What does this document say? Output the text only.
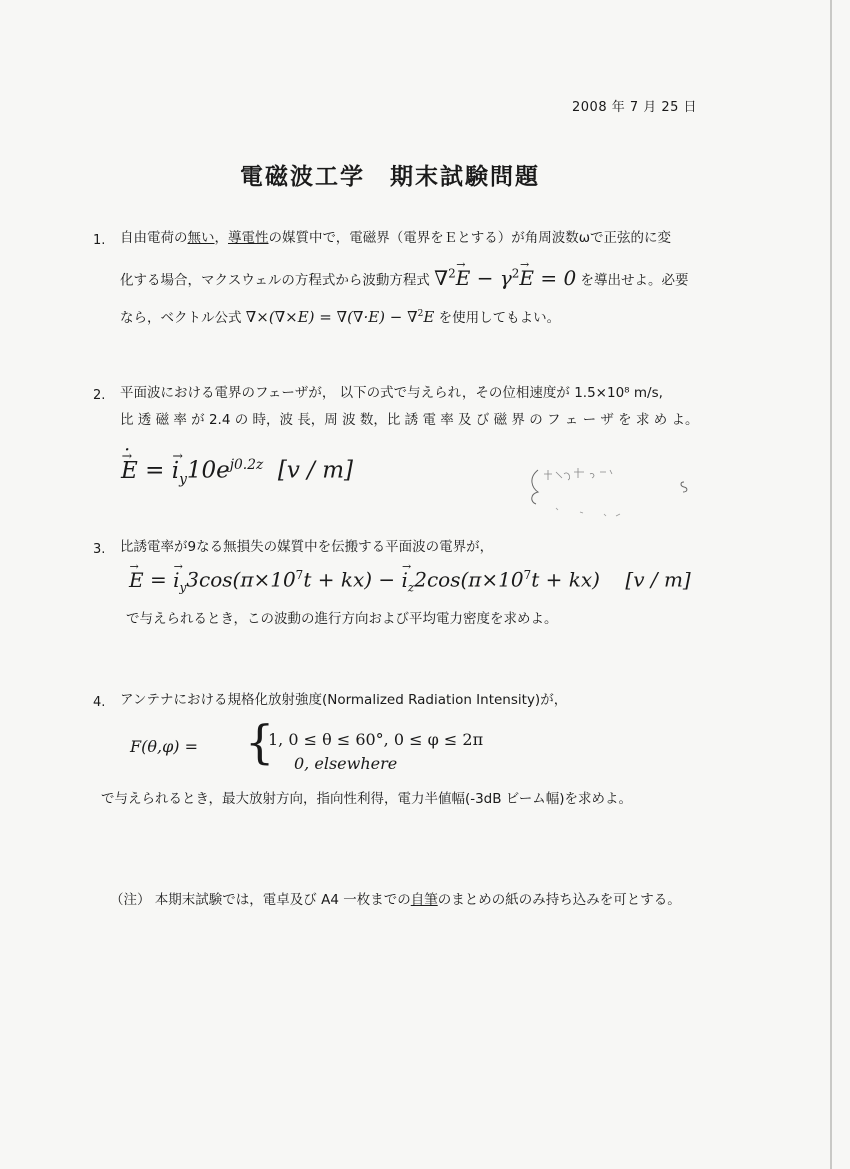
2008 年 7 月 25 日
電磁波工学　期末試験問題
1. 自由電荷の無い，導電性の媒質中で，電磁界（電界をＥとする）が角周波数ωで正弦的に変
化する場合，マクスウェルの方程式から波動方程式 $\nabla^2\to E - \gamma^2\to E = 0$ を導出せよ。必要
なら，ベクトル公式 ∇×(∇×E) = ∇(∇·E) − ∇$^2$E を使用してもよい。
2. 平面波における電界のフェーザが， 以下の式で与えられ，その位相速度が 1.5×10⁸ m/s,
比 透 磁 率 が 2.4 の 時，波 長，周 波 数，比 誘 電 率 及 び 磁 界 の フ ェ ー ザ を 求 め よ。
→ E · = → $i_y10e^{j0.2z}$  [v / m]
3. 比誘電率が9なる無損失の媒質中を伝搬する平面波の電界が，
→ E = → $i_y3\cos(\pi\times 10^7t + kx)$ − → $i_z2\cos(\pi\times 10^7t + kx)$    [v / m]
で与えられるとき，この波動の進行方向および平均電力密度を求めよ。
4. アンテナにおける規格化放射強度(Normalized Radiation Intensity)が，
F(θ,φ) = {
1, 0 ≤ θ ≤ 60°, 0 ≤ φ ≤ 2π
0, elsewhere
で与えられるとき，最大放射方向，指向性利得，電力半値幅(-3dB ビーム幅)を求めよ。
（注） 本期末試験では，電卓及び A4 一枚までの自筆のまとめの紙のみ持ち込みを可とする。
